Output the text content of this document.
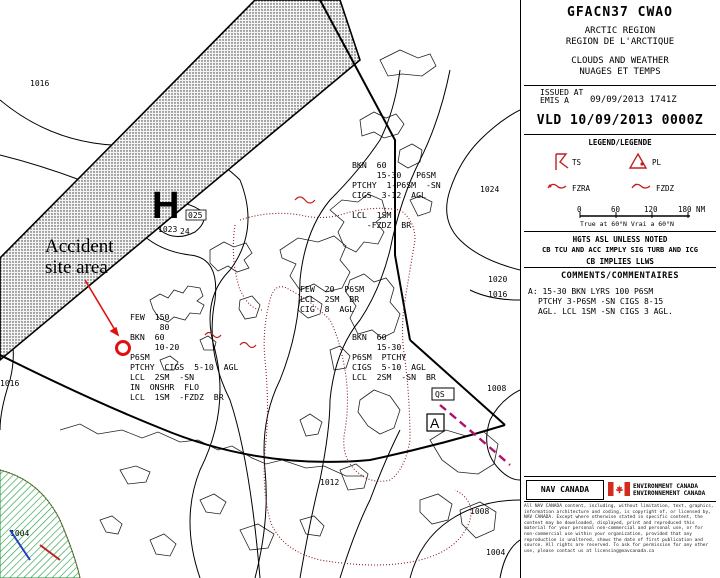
1016
1024
1020
1016
1008
1012
1016
1008
1004
H
1023
025
24
BKN  60
15-30   P6SM
PTCHY  1-P6SM  -SN
CIGS  3-12  AGL
LCL  1SM
-FZDZ  BR
FEW  20  P6SM
LCL  2SM  BR
CIG  8  AGL
BKN  60
15-30
P6SM  PTCHY
CIGS  5-10  AGL
LCL  2SM  -SN  BR
FEW  150
80
BKN  60
10-20
P6SM
PTCHY  CIGS  5-10  AGL
LCL  2SM  -SN
IN  ONSHR  FLO
LCL  1SM  -FZDZ  BR
A
QS
Accident
site area
GFACN37 CWAO
ARCTIC REGION
REGION DE L'ARCTIQUE
CLOUDS AND WEATHER
NUAGES ET TEMPS
ISSUED AT
EMIS A	09/09/2013 1741Z
VLD 10/09/2013 0000Z
LEGEND/LEGENDE
TS	PL
FZRA	FZDZ
0	60	120	180 NM
True at 60°N Vrai a 60°N
HGTS ASL UNLESS NOTED
CB TCU AND ACC IMPLY SIG TURB AND ICG
CB IMPLIES LLWS
COMMENTS/COMMENTAIRES
A: 15-30 BKN LYRS 100 P6SM
PTCHY 3-P6SM -SN CIGS 8-15
AGL. LCL 1SM -SN CIGS 3 AGL.
NAV CANADA	ENVIRONMENT CANADA
ENVIRONNEMENT CANADA
All NAV CANADA content, including, without limitation, text, graphics, information architecture and coding, is copyright of, or licensed by, NAV CANADA. Except where otherwise stated in specific content, the content may be downloaded, displayed, print and reproduced this material for your personal non-commercial and personal use, or for non-commercial use within your organization, provided that any reproduction is unaltered, shows the date of first publication and source. All rights are reserved. To ask for permission for any other use, please contact us at licensing@navcanada.ca
